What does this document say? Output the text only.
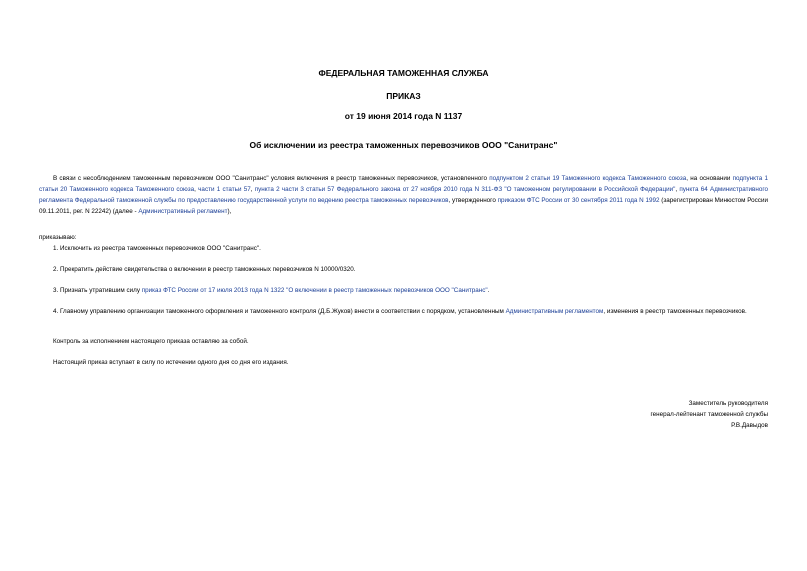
ФЕДЕРАЛЬНАЯ ТАМОЖЕННАЯ СЛУЖБА
ПРИКАЗ
от 19 июня 2014 года N 1137
Об исключении из реестра таможенных перевозчиков ООО "Санитранс"
В связи с несоблюдением таможенным перевозчиком ООО "Санитранс" условия включения в реестр таможенных перевозчиков, установленного подпунктом 2 статьи 19 Таможенного кодекса Таможенного союза, на основании подпункта 1 статьи 20 Таможенного кодекса Таможенного союза, части 1 статьи 57, пункта 2 части 3 статьи 57 Федерального закона от 27 ноября 2010 года N 311-ФЗ "О таможенном регулировании в Российской Федерации", пункта 64 Административного регламента Федеральной таможенной службы по предоставлению государственной услуги по ведению реестра таможенных перевозчиков, утвержденного приказом ФТС России от 30 сентября 2011 года N 1992 (зарегистрирован Минюстом России 09.11.2011, рег. N 22242) (далее - Административный регламент),
приказываю:
1. Исключить из реестра таможенных перевозчиков ООО "Санитранс".
2. Прекратить действие свидетельства о включении в реестр таможенных перевозчиков N 10000/0320.
3. Признать утратившим силу приказ ФТС России от 17 июля 2013 года N 1322 "О включении в реестр таможенных перевозчиков ООО "Санитранс".
4. Главному управлению организации таможенного оформления и таможенного контроля (Д.Б.Жуков) внести в соответствии с порядком, установленным Административным регламентом, изменения в реестр таможенных перевозчиков.
Контроль за исполнением настоящего приказа оставляю за собой.
Настоящий приказ вступает в силу по истечении одного дня со дня его издания.
Заместитель руководителя
генерал-лейтенант таможенной службы
Р.В.Давыдов
